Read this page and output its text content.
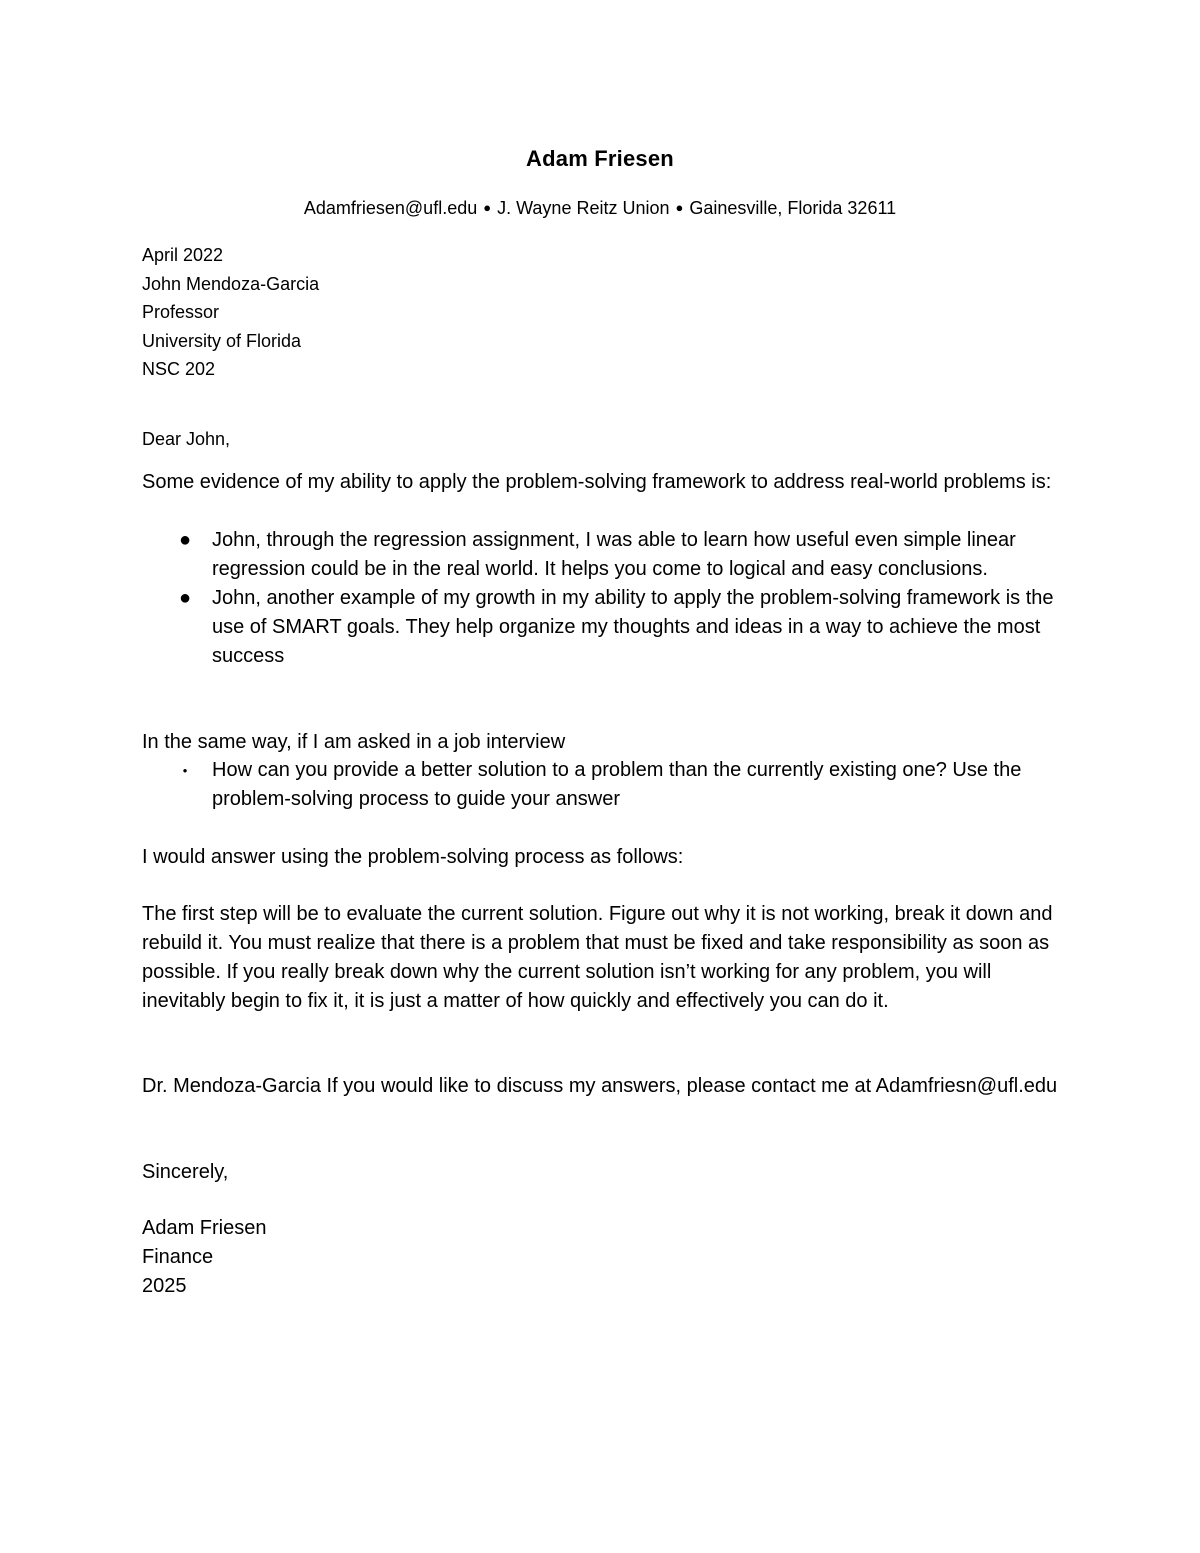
Adam Friesen
Adamfriesen@ufl.edu ● J. Wayne Reitz Union ● Gainesville, Florida 32611
April 2022
John Mendoza-Garcia
Professor
University of Florida
NSC 202
Dear John,
Some evidence of my ability to apply the problem-solving framework to address real-world problems is:
● John, through the regression assignment, I was able to learn how useful even simple linear regression could be in the real world. It helps you come to logical and easy conclusions.
● John, another example of my growth in my ability to apply the problem-solving framework is the use of SMART goals. They help organize my thoughts and ideas in a way to achieve the most success
In the same way, if I am asked in a job interview
•	How can you provide a better solution to a problem than the currently existing one? Use the problem-solving process to guide your answer
I would answer using the problem-solving process as follows:
The first step will be to evaluate the current solution. Figure out why it is not working, break it down and rebuild it. You must realize that there is a problem that must be fixed and take responsibility as soon as possible. If you really break down why the current solution isn’t working for any problem, you will inevitably begin to fix it, it is just a matter of how quickly and effectively you can do it.
Dr. Mendoza-Garcia If you would like to discuss my answers, please contact me at Adamfriesn@ufl.edu
Sincerely,
Adam Friesen
Finance
2025
